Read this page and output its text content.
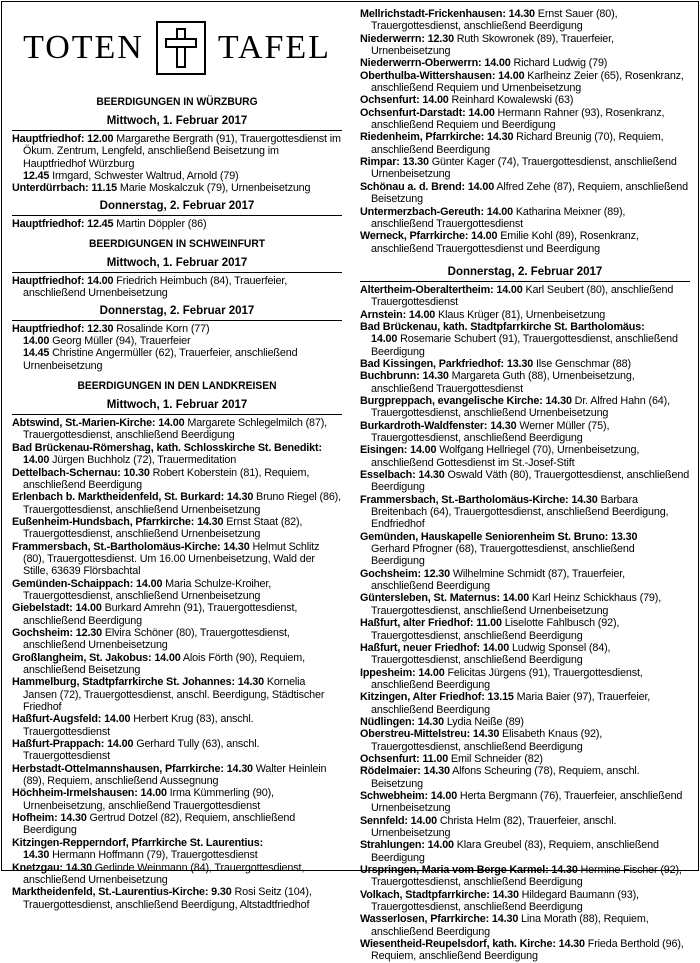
TOTEN TAFEL
BEERDIGUNGEN IN WÜRZBURG
Mittwoch, 1. Februar 2017
Hauptfriedhof: 12.00 Margarethe Bergrath (91), Trauergottesdienst im Ökum. Zentrum, Lengfeld, anschließend Beisetzung im Hauptfriedhof Würzburg
12.45 Irmgard, Schwester Waltrud, Arnold (79)
Unterdürrbach: 11.15 Marie Moskalczuk (79), Urnenbeisetzung
Donnerstag, 2. Februar 2017
Hauptfriedhof: 12.45 Martin Döppler (86)
BEERDIGUNGEN IN SCHWEINFURT
Mittwoch, 1. Februar 2017
Hauptfriedhof: 14.00 Friedrich Heimbuch (84), Trauerfeier, anschließend Urnenbeisetzung
Donnerstag, 2. Februar 2017
Hauptfriedhof: 12.30 Rosalinde Korn (77)
14.00 Georg Müller (94), Trauerfeier
14.45 Christine Angermüller (62), Trauerfeier, anschließend Urnenbeisetzung
BEERDIGUNGEN IN DEN LANDKREISEN
Mittwoch, 1. Februar 2017
Abtswind, St.-Marien-Kirche: 14.00 Margarete Schlegelmilch (87), Trauergottesdienst, anschließend Beerdigung
Bad Brückenau-Römershag, kath. Schlosskirche St. Benedikt:
14.00 Jürgen Buchholz (72), Trauermeditation
Dettelbach-Schernau: 10.30 Robert Koberstein (81), Requiem, anschließend Beerdigung
Erlenbach b. Marktheidenfeld, St. Burkard: 14.30 Bruno Riegel (86), Trauergottesdienst, anschließend Urnenbeisetzung
Eußenheim-Hundsbach, Pfarrkirche: 14.30 Ernst Staat (82), Trauergottesdienst, anschließend Urnenbeisetzung
Frammersbach, St.-Bartholomäus-Kirche: 14.30 Helmut Schlitz (80), Trauergottesdienst. Um 16.00 Urnenbeisetzung, Wald der Stille, 63639 Flörsbachtal
Gemünden-Schaippach: 14.00 Maria Schulze-Kroiher, Trauergottesdienst, anschließend Urnenbeisetzung
Giebelstadt: 14.00 Burkard Amrehn (91), Trauergottesdienst, anschließend Beerdigung
Gochsheim: 12.30 Elvira Schöner (80), Trauergottesdienst, anschließend Urnenbeisetzung
Großlangheim, St. Jakobus: 14.00 Alois Förth (90), Requiem, anschließend Beisetzung
Hammelburg, Stadtpfarrkirche St. Johannes: 14.30 Kornelia Jansen (72), Trauergottesdienst, anschl. Beerdigung, Städtischer Friedhof
Haßfurt-Augsfeld: 14.00 Herbert Krug (83), anschl. Trauergottesdienst
Haßfurt-Prappach: 14.00 Gerhard Tully (63), anschl. Trauergottesdienst
Herbstadt-Ottelmannshausen, Pfarrkirche: 14.30 Walter Heinlein (89), Requiem, anschließend Aussegnung
Höchheim-Irmelshausen: 14.00 Irma Kümmerling (90), Urnenbeisetzung, anschließend Trauergottesdienst
Hofheim: 14.30 Gertrud Dotzel (82), Requiem, anschließend Beerdigung
Kitzingen-Repperndorf, Pfarrkirche St. Laurentius:
14.30 Hermann Hoffmann (79), Trauergottesdienst
Knetzgau: 14.30 Gerlinde Weinmann (84), Trauergottesdienst, anschließend Urnenbeisetzung
Marktheidenfeld, St.-Laurentius-Kirche: 9.30 Rosi Seitz (104), Trauergottesdienst, anschließend Beerdigung, Altstadtfriedhof
Mellrichstadt-Frickenhausen: 14.30 Ernst Sauer (80), Trauergottesdienst, anschließend Beerdigung
Niederwerrn: 12.30 Ruth Skowronek (89), Trauerfeier, Urnenbeisetzung
Niederwerrn-Oberwerrn: 14.00 Richard Ludwig (79)
Oberthulba-Wittershausen: 14.00 Karlheinz Zeier (65), Rosenkranz, anschließend Requiem und Urnenbeisetzung
Ochsenfurt: 14.00 Reinhard Kowalewski (63)
Ochsenfurt-Darstadt: 14.00 Hermann Rahner (93), Rosenkranz, anschließend Requiem und Beerdigung
Riedenheim, Pfarrkirche: 14.30 Richard Breunig (70), Requiem, anschließend Beerdigung
Rimpar: 13.30 Günter Kager (74), Trauergottesdienst, anschließend Urnenbeisetzung
Schönau a. d. Brend: 14.00 Alfred Zehe (87), Requiem, anschließend Beisetzung
Untermerzbach-Gereuth: 14.00 Katharina Meixner (89), anschließend Trauergottesdienst
Werneck, Pfarrkirche: 14.00 Emilie Kohl (89), Rosenkranz, anschließend Trauergottesdienst und Beerdigung
Donnerstag, 2. Februar 2017
Altertheim-Oberaltertheim: 14.00 Karl Seubert (80), anschließend Trauergottesdienst
Arnstein: 14.00 Klaus Krüger (81), Urnenbeisetzung
Bad Brückenau, kath. Stadtpfarrkirche St. Bartholomäus:
14.00 Rosemarie Schubert (91), Trauergottesdienst, anschließend Beerdigung
Bad Kissingen, Parkfriedhof: 13.30 Ilse Genschmar (88)
Buchbrunn: 14.30 Margareta Guth (88), Urnenbeisetzung, anschließend Trauergottesdienst
Burgpreppach, evangelische Kirche: 14.30 Dr. Alfred Hahn (64), Trauergottesdienst, anschließend Urnenbeisetzung
Burkardroth-Waldfenster: 14.30 Werner Müller (75), Trauergottesdienst, anschließend Beerdigung
Eisingen: 14.00 Wolfgang Hellriegel (70), Urnenbeisetzung, anschließend Gottesdienst im St.-Josef-Stift
Esselbach: 14.30 Oswald Väth (80), Trauergottesdienst, anschließend Beerdigung
Frammersbach, St.-Bartholomäus-Kirche: 14.30 Barbara Breitenbach (64), Trauergottesdienst, anschließend Beerdigung, Endfriedhof
Gemünden, Hauskapelle Seniorenheim St. Bruno: 13.30
Gerhard Pfrogner (68), Trauergottesdienst, anschließend Beerdigung
Gochsheim: 12.30 Wilhelmine Schmidt (87), Trauerfeier, anschließend Beerdigung
Güntersleben, St. Maternus: 14.00 Karl Heinz Schickhaus (79), Trauergottesdienst, anschließend Urnenbeisetzung
Haßfurt, alter Friedhof: 11.00 Liselotte Fahlbusch (92), Trauergottesdienst, anschließend Beerdigung
Haßfurt, neuer Friedhof: 14.00 Ludwig Sponsel (84), Trauergottesdienst, anschließend Beerdigung
Ippesheim: 14.00 Felicitas Jürgens (91), Trauergottesdienst, anschließend Beerdigung
Kitzingen, Alter Friedhof: 13.15 Maria Baier (97), Trauerfeier, anschließend Beerdigung
Nüdlingen: 14.30 Lydia Neiße (89)
Oberstreu-Mittelstreu: 14.30 Elisabeth Knaus (92), Trauergottesdienst, anschließend Beerdigung
Ochsenfurt: 11.00 Emil Schneider (82)
Rödelmaier: 14.30 Alfons Scheuring (78), Requiem, anschl. Beisetzung
Schwebheim: 14.00 Herta Bergmann (76), Trauerfeier, anschließend Urnenbeisetzung
Sennfeld: 14.00 Christa Helm (82), Trauerfeier, anschl. Urnenbeisetzung
Strahlungen: 14.00 Klara Greubel (83), Requiem, anschließend Beerdigung
Urspringen, Maria vom Berge Karmel: 14.30 Hermine Fischer (92), Trauergottesdienst, anschließend Beerdigung
Volkach, Stadtpfarrkirche: 14.30 Hildegard Baumann (93), Trauergottesdienst, anschließend Beerdigung
Wasserlosen, Pfarrkirche: 14.30 Lina Morath (88), Requiem, anschließend Beerdigung
Wiesentheid-Reupelsdorf, kath. Kirche: 14.30 Frieda Berthold (96), Requiem, anschließend Beerdigung
